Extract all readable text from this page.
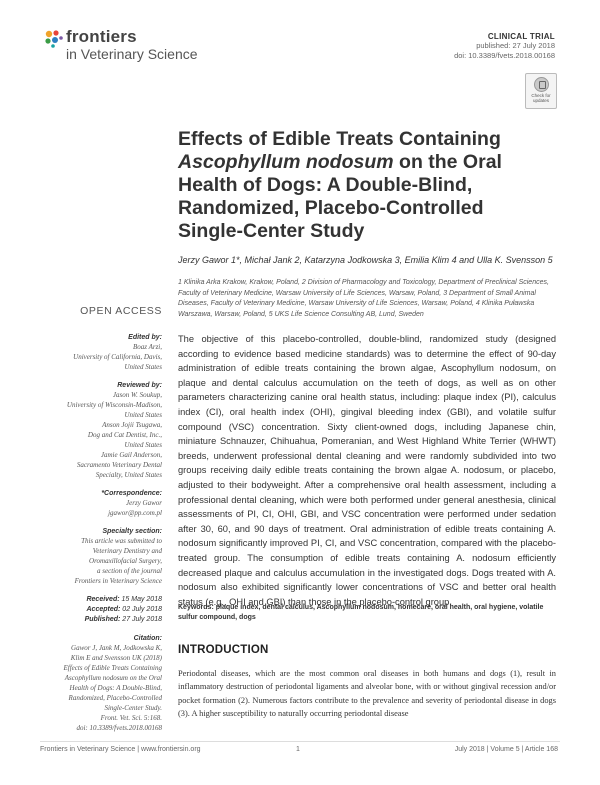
frontiers
in Veterinary Science
CLINICAL TRIAL
published: 27 July 2018
doi: 10.3389/fvets.2018.00168
Check for updates
Effects of Edible Treats Containing
Ascophyllum nodosum on the Oral
Health of Dogs: A Double-Blind,
Randomized, Placebo-Controlled
Single-Center Study
Jerzy Gawor 1*, Michał Jank 2, Katarzyna Jodkowska 3, Emilia Klim 4 and Ulla K. Svensson 5
1 Klinika Arka Krakow, Krakow, Poland, 2 Division of Pharmacology and Toxicology, Department of Preclinical Sciences, Faculty of Veterinary Medicine, Warsaw University of Life Sciences, Warsaw, Poland, 3 Department of Small Animal Diseases, Faculty of Veterinary Medicine, Warsaw University of Life Sciences, Warsaw, Poland, 4 Klinika Puławska Warszawa, Warsaw, Poland, 5 UKS Life Science Consulting AB, Lund, Sweden
OPEN ACCESS
Edited by:
Boaz Arzi,
University of California, Davis,
United States
Reviewed by:
Jason W. Soukup,
University of Wisconsin-Madison,
United States
Anson Jojii Tsugawa,
Dog and Cat Dentist, Inc.,
United States
Jamie Gail Anderson,
Sacramento Veterinary Dental
Specialty, United States
*Correspondence:
Jerzy Gawor
jgawor@pp.com.pl
Specialty section:
This article was submitted to
Veterinary Dentistry and
Oromaxillofacial Surgery,
a section of the journal
Frontiers in Veterinary Science
Received: 15 May 2018
Accepted: 02 July 2018
Published: 27 July 2018
Citation:
Gawor J, Jank M, Jodkowska K,
Klim E and Svensson UK (2018)
Effects of Edible Treats Containing
Ascophyllum nodosum on the Oral
Health of Dogs: A Double-Blind,
Randomized, Placebo-Controlled
Single-Center Study.
Front. Vet. Sci. 5:168.
doi: 10.3389/fvets.2018.00168
The objective of this placebo-controlled, double-blind, randomized study (designed according to evidence based medicine standards) was to determine the effect of 90-day administration of edible treats containing the brown algae, Ascophyllum nodosum, on plaque and dental calculus accumulation on the teeth of dogs, as well as on other parameters characterizing canine oral health status, including: plaque index (PI), calculus index (CI), oral health index (OHI), gingival bleeding index (GBI), and volatile sulfur compound (VSC) concentration. Sixty client-owned dogs, including Japanese chin, miniature Schnauzer, Chihuahua, Pomeranian, and West Highland White Terrier (WHWT) breeds, underwent professional dental cleaning and were randomly subdivided into two groups receiving daily edible treats containing the brown algae A. nodosum, or placebo, adjusted to their bodyweight. After a comprehensive oral health assessment, including a professional dental cleaning, which were both performed under general anesthesia, clinical assessments of PI, CI, OHI, GBI, and VSC concentration were performed under sedation after 30, 60, and 90 days of treatment. Oral administration of edible treats containing A. nodosum significantly improved PI, CI, and VSC concentration, compared with the placebo-treated group. The consumption of edible treats containing A. nodosum efficiently decreased plaque and calculus accumulation in the investigated dogs. Dogs treated with A. nodosum also exhibited significantly lower concentrations of VSC and better oral health status (e.g., OHI and GBI) than those in the placebo-control group.
Keywords: plaque index, dental calculus, Ascophyllum nodosum, homecare, oral health, oral hygiene, volatile sulfur compound, dogs
INTRODUCTION
Periodontal diseases, which are the most common oral diseases in both humans and dogs (1), result in inflammatory destruction of periodontal ligaments and alveolar bone, with or without gingival recession and/or pocket formation (2). Numerous factors contribute to the prevalence and severity of periodontal disease in dogs (3). A higher susceptibility to naturally occurring periodontal disease
Frontiers in Veterinary Science | www.frontiersin.org	1	July 2018 | Volume 5 | Article 168
